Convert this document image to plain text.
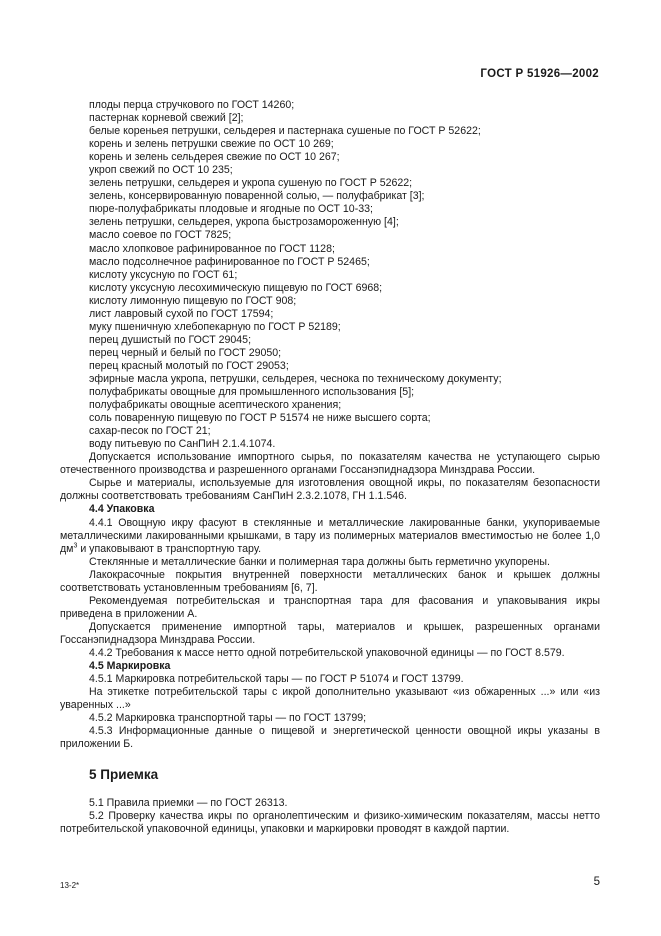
ГОСТ Р 51926—2002
плоды перца стручкового по ГОСТ 14260;
пастернак корневой свежий [2];
белые кореньея петрушки, сельдерея и пастернака сушеные по ГОСТ Р 52622;
корень и зелень петрушки свежие по ОСТ 10 269;
корень и зелень сельдерея свежие по ОСТ 10 267;
укроп свежий по ОСТ 10 235;
зелень петрушки, сельдерея и укропа сушеную по ГОСТ Р 52622;
зелень, консервированную поваренной солью, — полуфабрикат [3];
пюре-полуфабрикаты плодовые и ягодные по ОСТ 10-33;
зелень петрушки, сельдерея, укропа быстрозамороженную [4];
масло соевое по ГОСТ 7825;
масло хлопковое рафинированное по ГОСТ 1128;
масло подсолнечное рафинированное по ГОСТ Р 52465;
кислоту уксусную по ГОСТ 61;
кислоту уксусную лесохимическую пищевую по ГОСТ 6968;
кислоту лимонную пищевую по ГОСТ 908;
лист лавровый сухой по ГОСТ 17594;
муку пшеничную хлебопекарную по ГОСТ Р 52189;
перец душистый по ГОСТ 29045;
перец черный и белый по ГОСТ 29050;
перец красный молотый по ГОСТ 29053;
эфирные масла укропа, петрушки, сельдерея, чеснока по техническому документу;
полуфабрикаты овощные для промышленного использования [5];
полуфабрикаты овощные асептического хранения;
соль поваренную пищевую по ГОСТ Р 51574 не ниже высшего сорта;
сахар-песок по ГОСТ 21;
воду питьевую по СанПиН 2.1.4.1074.
Допускается использование импортного сырья, по показателям качества не уступающего сырью отечественного производства и разрешенного органами Госсанэпиднадзора Минздрава России.
Сырье и материалы, используемые для изготовления овощной икры, по показателям безопасности должны соответствовать требованиям СанПиН 2.3.2.1078, ГН 1.1.546.
4.4 Упаковка
4.4.1 Овощную икру фасуют в стеклянные и металлические лакированные банки, укупориваемые металлическими лакированными крышками, в тару из полимерных материалов вместимостью не более 1,0 $дм^3$ и упаковывают в транспортную тару.
Стеклянные и металлические банки и полимерная тара должны быть герметично укупорены.
Лакокрасочные покрытия внутренней поверхности металлических банок и крышек должны соответствовать установленным требованиям [6, 7].
Рекомендуемая потребительская и транспортная тара для фасования и упаковывания икры приведена в приложении А.
Допускается применение импортной тары, материалов и крышек, разрешенных органами Госсанэпиднадзора Минздрава России.
4.4.2 Требования к массе нетто одной потребительской упаковочной единицы — по ГОСТ 8.579.
4.5 Маркировка
4.5.1 Маркировка потребительской тары — по ГОСТ Р 51074 и ГОСТ 13799.
На этикетке потребительской тары с икрой дополнительно указывают «из обжаренных ...» или «из уваренных ...»
4.5.2 Маркировка транспортной тары — по ГОСТ 13799;
4.5.3 Информационные данные о пищевой и энергетической ценности овощной икры указаны в приложении Б.
5 Приемка
5.1 Правила приемки — по ГОСТ 26313.
5.2 Проверку качества икры по органолептическим и физико-химическим показателям, массы нетто потребительской упаковочной единицы, упаковки и маркировки проводят в каждой партии.
13-2*	5
